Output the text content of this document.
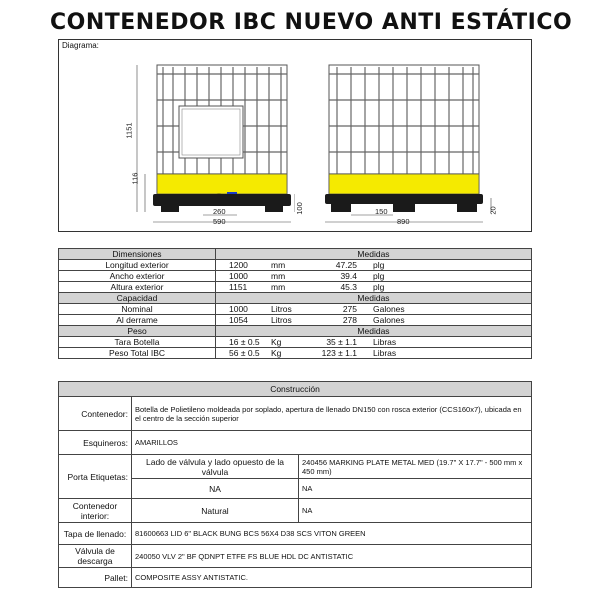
CONTENEDOR IBC NUEVO ANTI ESTÁTICO
Diagrama:
1151
116
260
590
100	150
890
20
Dimensiones	Medidas
Longitud exterior	1200 mm 47.25 plg

Ancho exterior	1000 mm 39.4 plg

Altura exterior	1151 mm 45.3 plg

Capacidad	Medidas
Nominal	1000 Litros 275 Galones

Al derrame	1054 Litros 278 Galones

Peso	Medidas
Tara Botella	16 ± 0.5 Kg 35 ± 1.1 Libras

Peso Total IBC	56 ± 0.5 Kg 123 ± 1.1 Libras
Construcción		
Contenedor:	Botella de Polietileno moldeada por soplado, apertura de llenado DN150 con rosca exterior (CCS160x7), ubicada en el centro de la sección superior	
Esquineros:	AMARILLOS	
Porta Etiquetas:	Lado de válvula y lado opuesto de la válvula	240456 MARKING PLATE METAL MED (19.7" X 17.7" - 500 mm x 450 mm)
	NA	NA
Contenedor interior:	Natural	NA
Tapa de llenado:	81600663 LID 6" BLACK BUNG BCS 56X4 D38 SCS VITON GREEN	
Válvula de descarga	240050 VLV 2" BF QDNPT ETFE FS BLUE HDL DC ANTISTATIC	
Pallet:	COMPOSITE ASSY ANTISTATIC.	
